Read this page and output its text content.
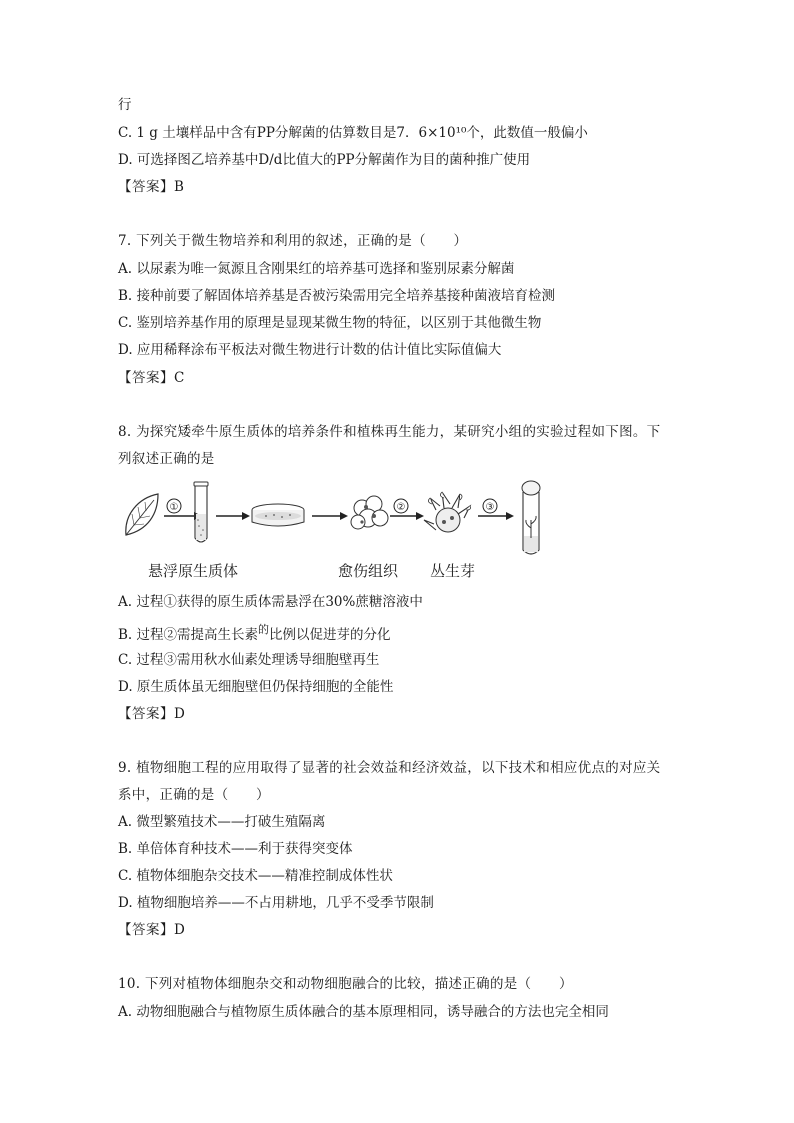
行
C. 1 g 土壤样品中含有PP分解菌的估算数目是7．6×10¹⁰个，此数值一般偏小
D. 可选择图乙培养基中D/d比值大的PP分解菌作为目的菌种推广使用
【答案】B
7. 下列关于微生物培养和利用的叙述，正确的是（　　）
A. 以尿素为唯一氮源且含刚果红的培养基可选择和鉴别尿素分解菌
B. 接种前要了解固体培养基是否被污染需用完全培养基接种菌液培育检测
C. 鉴别培养基作用的原理是显现某微生物的特征，以区别于其他微生物
D. 应用稀释涂布平板法对微生物进行计数的估计值比实际值偏大
【答案】C
8. 为探究矮牵牛原生质体的培养条件和植株再生能力，某研究小组的实验过程如下图。下
列叙述正确的是
①	②	③
悬浮原生质体	愈伤组织 丛生芽
A. 过程①获得的原生质体需悬浮在30%蔗糖溶液中
B. 过程②需提高生长素$^的$比例以促进芽的分化
C. 过程③需用秋水仙素处理诱导细胞壁再生
D. 原生质体虽无细胞壁但仍保持细胞的全能性
【答案】D
9. 植物细胞工程的应用取得了显著的社会效益和经济效益，以下技术和相应优点的对应关
系中，正确的是（　　）
A. 微型繁殖技术——打破生殖隔离
B. 单倍体育种技术——利于获得突变体
C. 植物体细胞杂交技术——精准控制成体性状
D. 植物细胞培养——不占用耕地，几乎不受季节限制
【答案】D
10. 下列对植物体细胞杂交和动物细胞融合的比较，描述正确的是（　　）
A. 动物细胞融合与植物原生质体融合的基本原理相同，诱导融合的方法也完全相同
